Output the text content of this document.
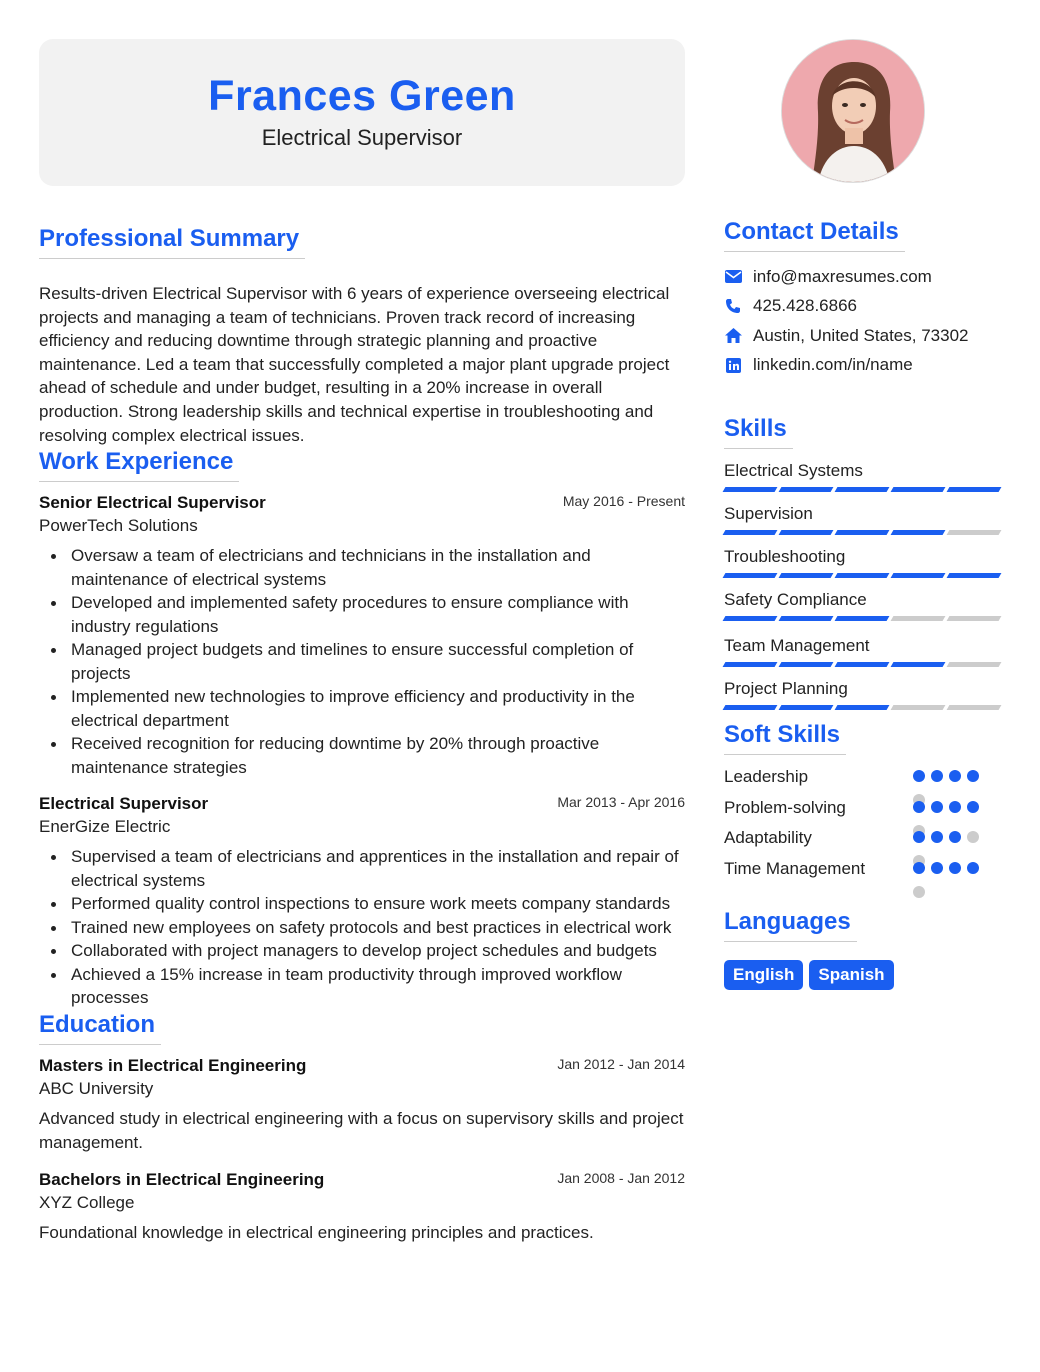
Frances Green
Electrical Supervisor
Professional Summary

Results-driven Electrical Supervisor with 6 years of experience overseeing electrical projects and managing a team of technicians. Proven track record of increasing efficiency and reducing downtime through strategic planning and proactive maintenance. Led a team that successfully completed a major plant upgrade project ahead of schedule and under budget, resulting in a 20% increase in overall production. Strong leadership skills and technical expertise in troubleshooting and resolving complex electrical issues.

Work Experience
Senior Electrical Supervisor	May 2016 - Present
PowerTech Solutions
Oversaw a team of electricians and technicians in the installation and maintenance of electrical systems
Developed and implemented safety procedures to ensure compliance with industry regulations
Managed project budgets and timelines to ensure successful completion of projects
Implemented new technologies to improve efficiency and productivity in the electrical department
Received recognition for reducing downtime by 20% through proactive maintenance strategies
Electrical Supervisor	Mar 2013 - Apr 2016
EnerGize Electric
Supervised a team of electricians and apprentices in the installation and repair of electrical systems
Performed quality control inspections to ensure work meets company standards
Trained new employees on safety protocols and best practices in electrical work
Collaborated with project managers to develop project schedules and budgets
Achieved a 15% increase in team productivity through improved workflow processes
Education
Masters in Electrical Engineering	Jan 2012 - Jan 2014
ABC University

Advanced study in electrical engineering with a focus on supervisory skills and project management.

Bachelors in Electrical Engineering	Jan 2008 - Jan 2012
XYZ College

Foundational knowledge in electrical engineering principles and practices.

Contact Details
info@maxresumes.com
425.428.6866
Austin, United States, 73302
linkedin.com/in/name
Skills
Electrical Systems
Supervision
Troubleshooting
Safety Compliance
Team Management
Project Planning
Soft Skills
Leadership
Problem-solving
Adaptability
Time Management
Languages
English	Spanish
